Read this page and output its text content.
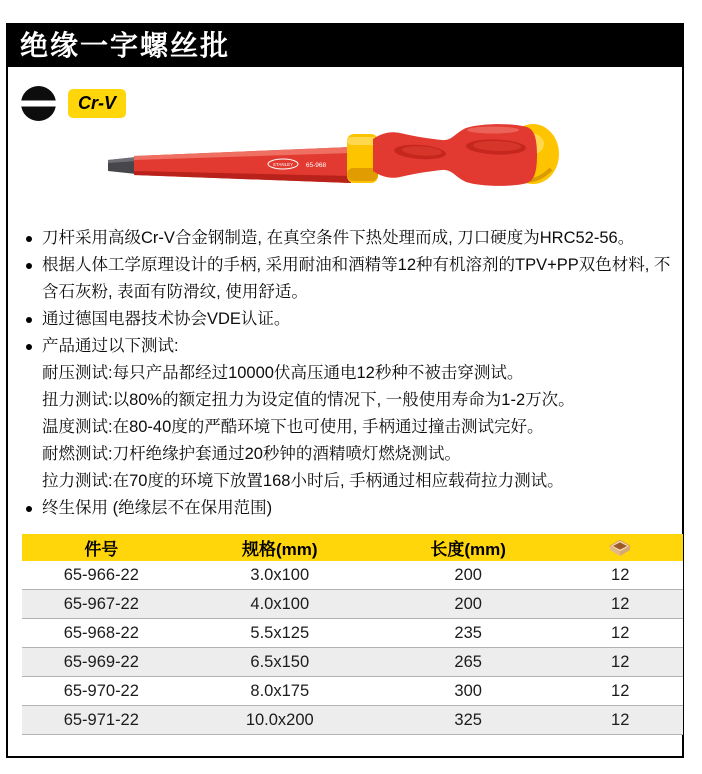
绝缘一字螺丝批
Cr-V
STANLEY 65-968
刀杆采用高级Cr-V合金钢制造, 在真空条件下热处理而成, 刀口硬度为HRC52-56。
根据人体工学原理设计的手柄, 采用耐油和酒精等12种有机溶剂的TPV+PP双色材料, 不含石灰粉, 表面有防滑纹, 使用舒适。
通过德国电器技术协会VDE认证。
产品通过以下测试:
耐压测试:每只产品都经过10000伏高压通电12秒种不被击穿测试。
扭力测试:以80%的额定扭力为设定值的情况下, 一般使用寿命为1-2万次。
温度测试:在80-40度的严酷环境下也可使用, 手柄通过撞击测试完好。
耐燃测试:刀杆绝缘护套通过20秒钟的酒精喷灯燃烧测试。
拉力测试:在70度的环境下放置168小时后, 手柄通过相应载荷拉力测试。
终生保用 (绝缘层不在保用范围)
件号	规格(mm)	长度(mm)	
65-966-22	3.0x100	200	12
65-967-22	4.0x100	200	12
65-968-22	5.5x125	235	12
65-969-22	6.5x150	265	12
65-970-22	8.0x175	300	12
65-971-22	10.0x200	325	12
